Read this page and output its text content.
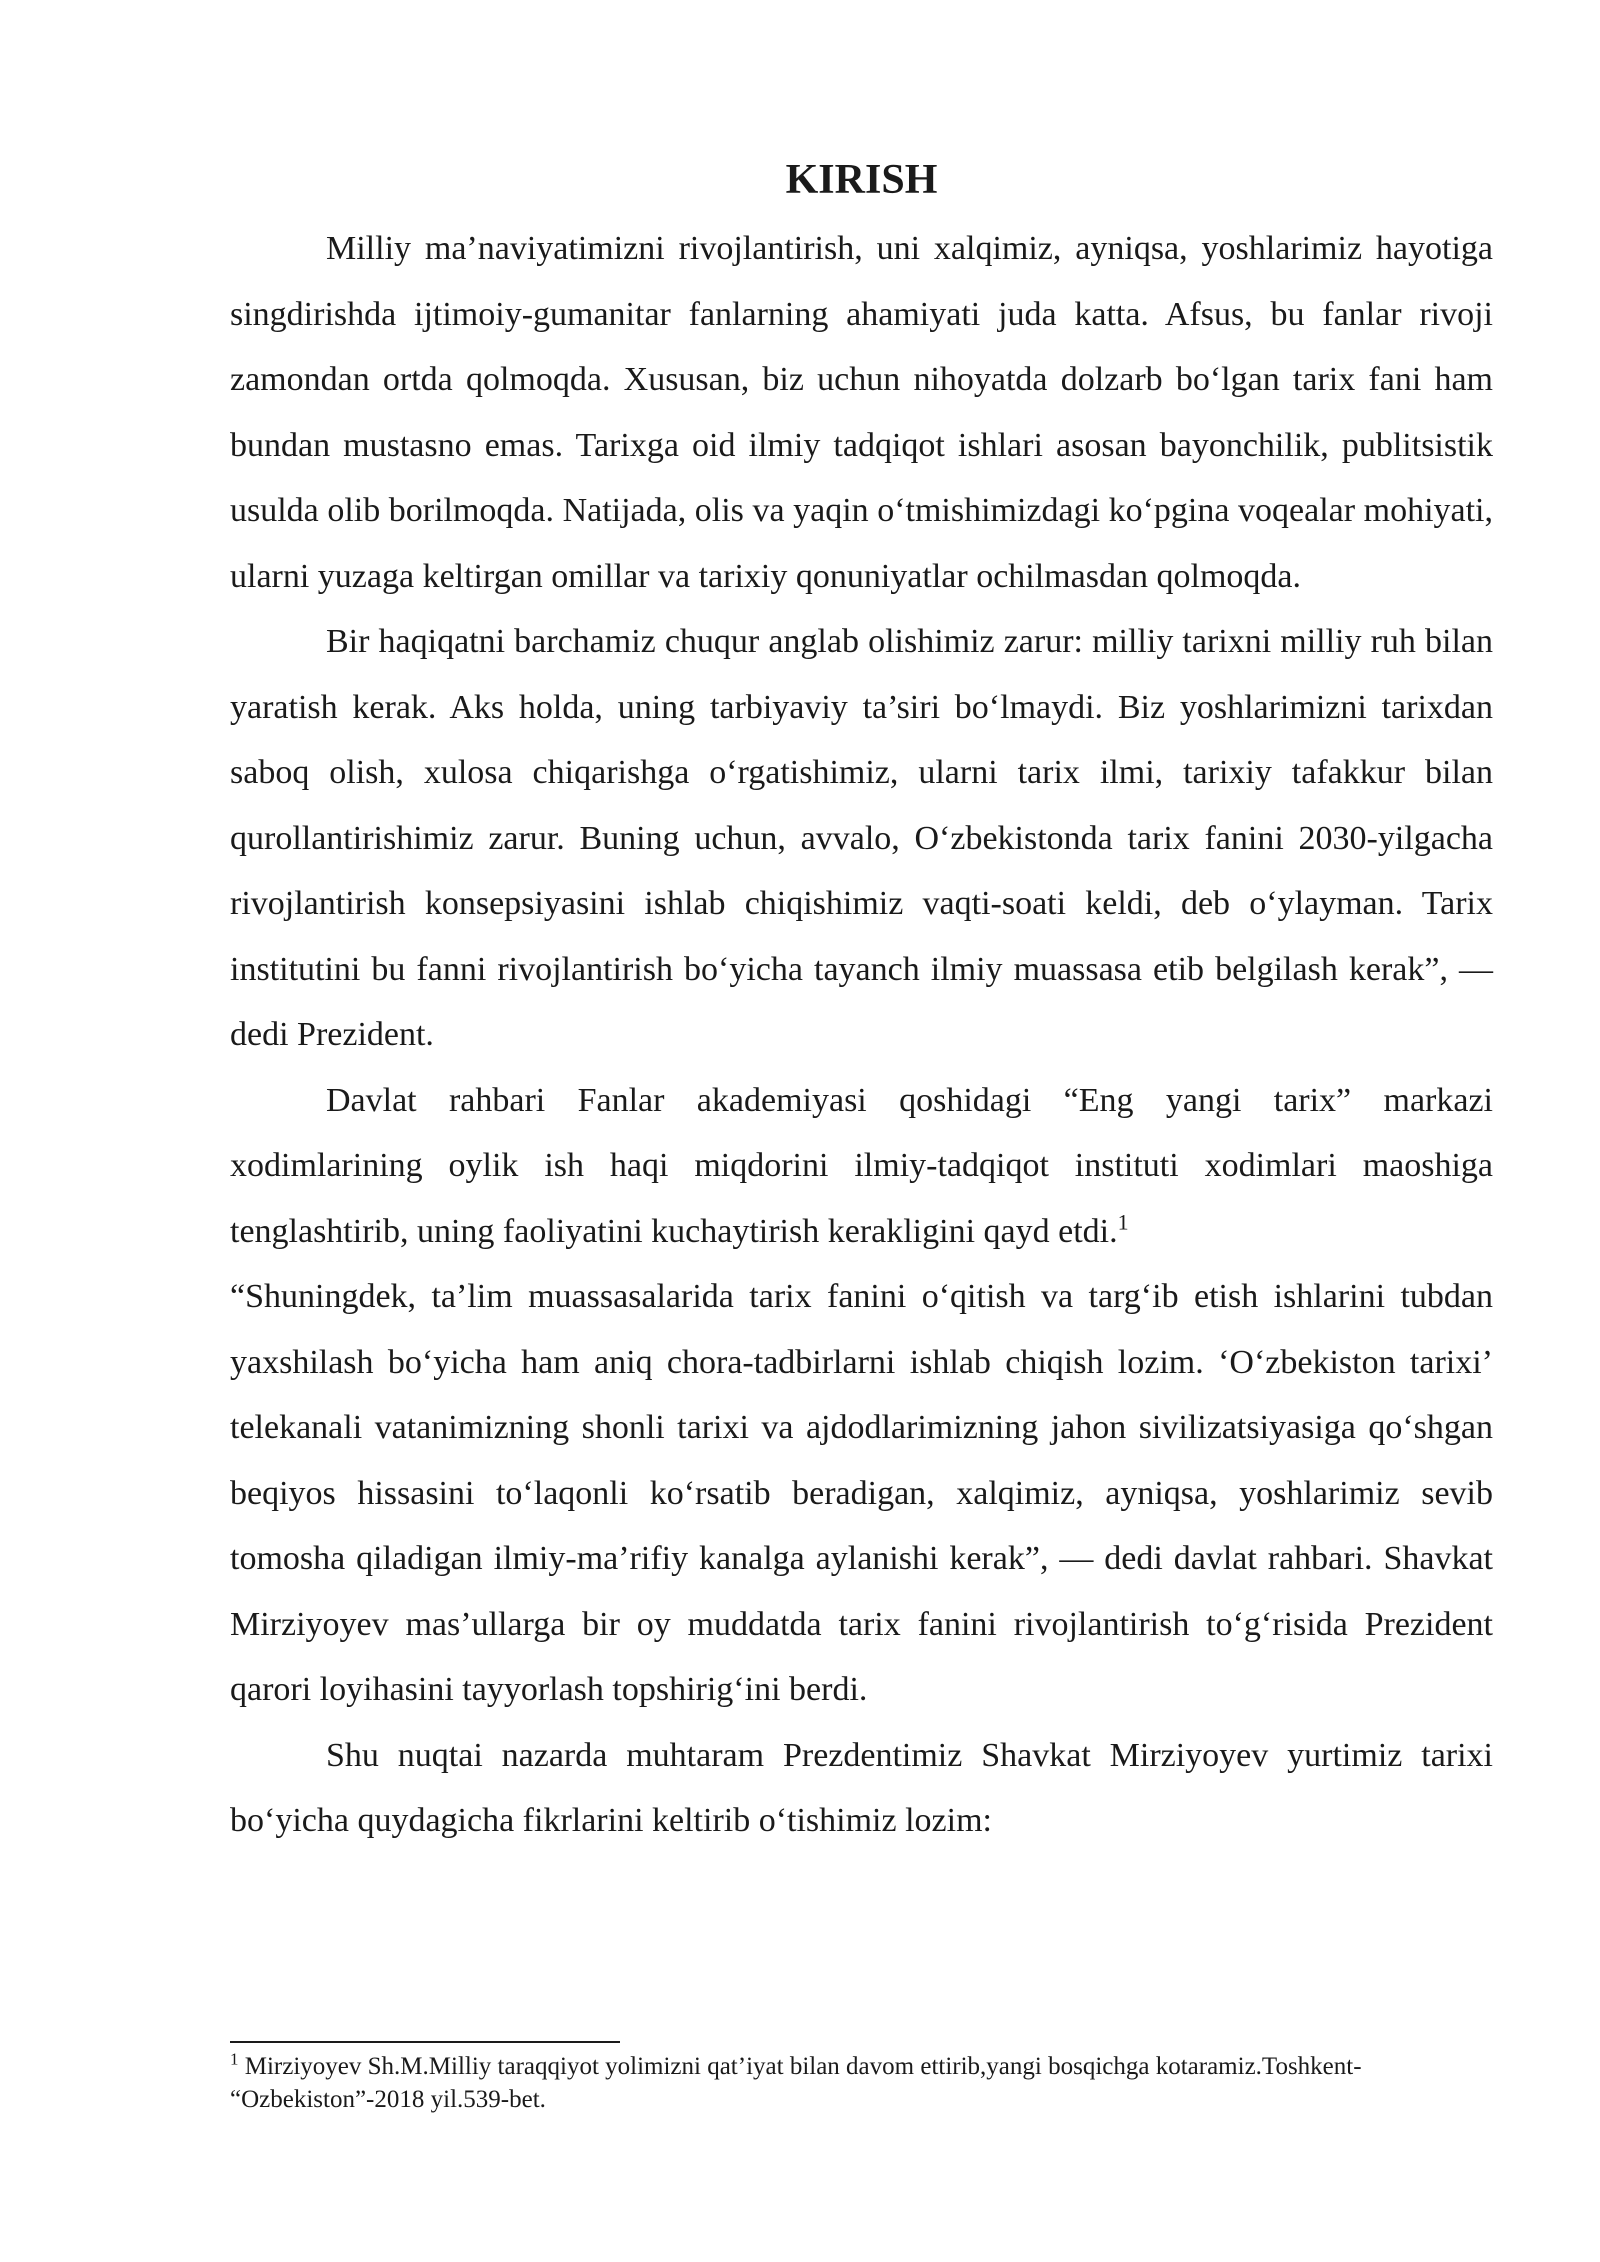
KIRISH

Milliy ma’naviyatimizni rivojlantirish, uni xalqimiz, ayniqsa, yoshlarimiz hayotiga singdirishda ijtimoiy-gumanitar fanlarning ahamiyati juda katta. Afsus, bu fanlar rivoji zamondan ortda qolmoqda. Xususan, biz uchun nihoyatda dolzarb bo‘lgan tarix fani ham bundan mustasno emas. Tarixga oid ilmiy tadqiqot ishlari asosan bayonchilik, publitsistik usulda olib borilmoqda. Natijada, olis va yaqin o‘tmishimizdagi ko‘pgina voqealar mohiyati, ularni yuzaga keltirgan omillar va tarixiy qonuniyatlar ochilmasdan qolmoqda.

Bir haqiqatni barchamiz chuqur anglab olishimiz zarur: milliy tarixni milliy ruh bilan yaratish kerak. Aks holda, uning tarbiyaviy ta’siri bo‘lmaydi. Biz yoshlarimizni tarixdan saboq olish, xulosa chiqarishga o‘rgatishimiz, ularni tarix ilmi, tarixiy tafakkur bilan qurollantirishimiz zarur. Buning uchun, avvalo, O‘zbekistonda tarix fanini 2030-yilgacha rivojlantirish konsepsiyasini ishlab chiqishimiz vaqti-soati keldi, deb o‘ylayman. Tarix institutini bu fanni rivojlantirish bo‘yicha tayanch ilmiy muassasa etib belgilash kerak”, — dedi Prezident.

Davlat rahbari Fanlar akademiyasi qoshidagi “Eng yangi tarix” markazi xodimlarining oylik ish haqi miqdorini ilmiy-tadqiqot instituti xodimlari maoshiga tenglashtirib, uning faoliyatini kuchaytirish kerakligini qayd etdi.$^1$

“Shuningdek, ta’lim muassasalarida tarix fanini o‘qitish va targ‘ib etish ishlarini tubdan yaxshilash bo‘yicha ham aniq chora-tadbirlarni ishlab chiqish lozim. ‘O‘zbekiston tarixi’ telekanali vatanimizning shonli tarixi va ajdodlarimizning jahon sivilizatsiyasiga qo‘shgan beqiyos hissasini to‘laqonli ko‘rsatib beradigan, xalqimiz, ayniqsa, yoshlarimiz sevib tomosha qiladigan ilmiy-ma’rifiy kanalga aylanishi kerak”, — dedi davlat rahbari. Shavkat Mirziyoyev mas’ullarga bir oy muddatda tarix fanini rivojlantirish to‘g‘risida Prezident qarori loyihasini tayyorlash topshirig‘ini berdi.

Shu nuqtai nazarda muhtaram Prezdentimiz Shavkat Mirziyoyev yurtimiz tarixi bo‘yicha quydagicha fikrlarini keltirib o‘tishimiz lozim:

$^1$ Mirziyoyev Sh.M.Milliy taraqqiyot yolimizni qat’iyat bilan davom ettirib,yangi bosqichga kotaramiz.Toshkent- “Ozbekiston”-2018 yil.539-bet.
